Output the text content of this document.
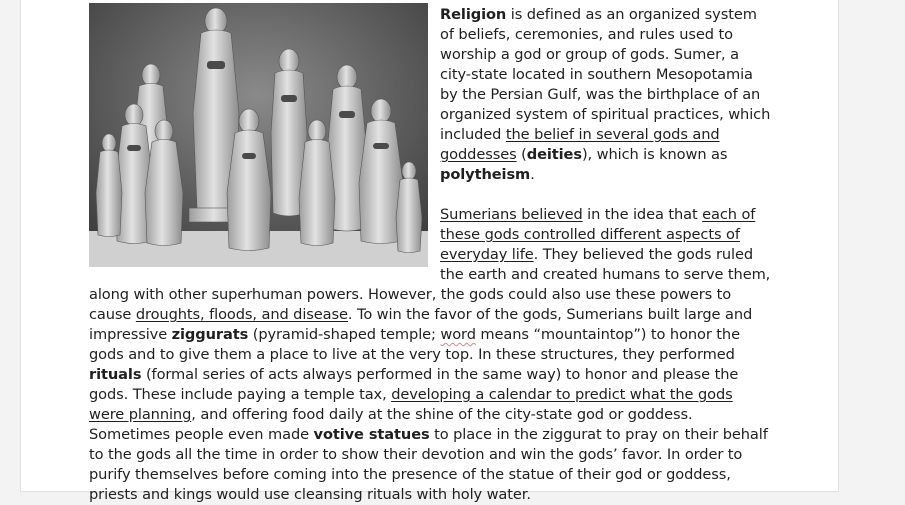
Religion is defined as an organized system of beliefs, ceremonies, and rules used to worship a god or group of gods. Sumer, a city-state located in southern Mesopotamia by the Persian Gulf, was the birthplace of an organized system of spiritual practices, which included the belief in several gods and goddesses (deities), which is known as polytheism.

Sumerians believed in the idea that each of these gods controlled different aspects of everyday life. They believed the gods ruled the earth and created humans to serve them, along with other superhuman powers. However, the gods could also use these powers to cause droughts, floods, and disease. To win the favor of the gods, Sumerians built large and impressive ziggurats (pyramid-shaped temple; word means “mountaintop”) to honor the gods and to give them a place to live at the very top. In these structures, they performed rituals (formal series of acts always performed in the same way) to honor and please the gods. These include paying a temple tax, developing a calendar to predict what the gods were planning, and offering food daily at the shine of the city-state god or goddess. Sometimes people even made votive statues to place in the ziggurat to pray on their behalf to the gods all the time in order to show their devotion and win the gods’ favor. In order to purify themselves before coming into the presence of the statue of their god or goddess, priests and kings would use cleansing rituals with holy water.
